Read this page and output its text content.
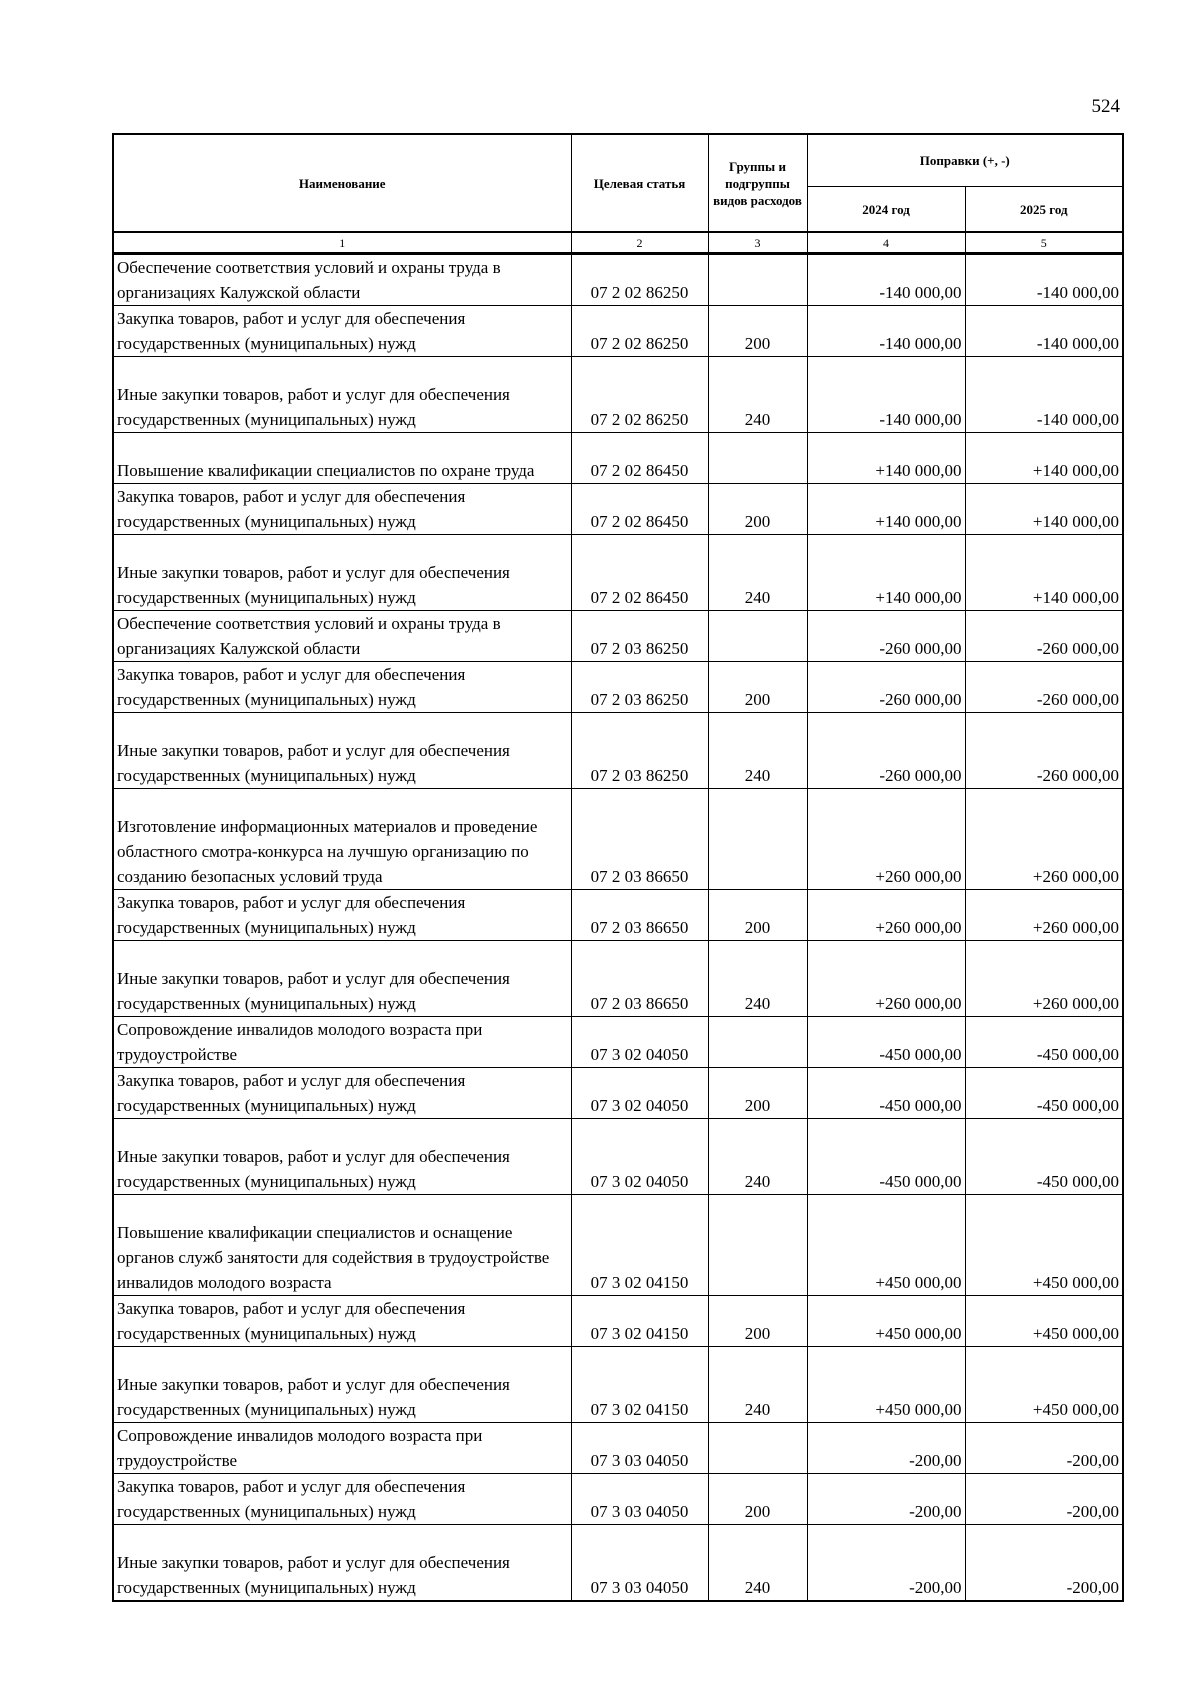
524
Наименование	Целевая статья	Группы и подгруппы видов расходов	Поправки (+, -)	
			2024 год	2025 год
1	2	3	4	5
Обеспечение соответствия условий и охраны труда в организациях Калужской области	07 2 02 86250		-140 000,00	-140 000,00
Закупка товаров, работ и услуг для обеспечения государственных (муниципальных) нужд	07 2 02 86250	200	-140 000,00	-140 000,00
Иные закупки товаров, работ и услуг для обеспечения государственных (муниципальных) нужд	07 2 02 86250	240	-140 000,00	-140 000,00
Повышение квалификации специалистов по охране труда	07 2 02 86450		+140 000,00	+140 000,00
Закупка товаров, работ и услуг для обеспечения государственных (муниципальных) нужд	07 2 02 86450	200	+140 000,00	+140 000,00
Иные закупки товаров, работ и услуг для обеспечения государственных (муниципальных) нужд	07 2 02 86450	240	+140 000,00	+140 000,00
Обеспечение соответствия условий и охраны труда в организациях Калужской области	07 2 03 86250		-260 000,00	-260 000,00
Закупка товаров, работ и услуг для обеспечения государственных (муниципальных) нужд	07 2 03 86250	200	-260 000,00	-260 000,00
Иные закупки товаров, работ и услуг для обеспечения государственных (муниципальных) нужд	07 2 03 86250	240	-260 000,00	-260 000,00
Изготовление информационных материалов и проведение областного смотра-конкурса на лучшую организацию по созданию безопасных условий труда	07 2 03 86650		+260 000,00	+260 000,00
Закупка товаров, работ и услуг для обеспечения государственных (муниципальных) нужд	07 2 03 86650	200	+260 000,00	+260 000,00
Иные закупки товаров, работ и услуг для обеспечения государственных (муниципальных) нужд	07 2 03 86650	240	+260 000,00	+260 000,00
Сопровождение инвалидов молодого возраста при трудоустройстве	07 3 02 04050		-450 000,00	-450 000,00
Закупка товаров, работ и услуг для обеспечения государственных (муниципальных) нужд	07 3 02 04050	200	-450 000,00	-450 000,00
Иные закупки товаров, работ и услуг для обеспечения государственных (муниципальных) нужд	07 3 02 04050	240	-450 000,00	-450 000,00
Повышение квалификации специалистов и оснащение органов служб занятости для содействия в трудоустройстве инвалидов молодого возраста	07 3 02 04150		+450 000,00	+450 000,00
Закупка товаров, работ и услуг для обеспечения государственных (муниципальных) нужд	07 3 02 04150	200	+450 000,00	+450 000,00
Иные закупки товаров, работ и услуг для обеспечения государственных (муниципальных) нужд	07 3 02 04150	240	+450 000,00	+450 000,00
Сопровождение инвалидов молодого возраста при трудоустройстве	07 3 03 04050		-200,00	-200,00
Закупка товаров, работ и услуг для обеспечения государственных (муниципальных) нужд	07 3 03 04050	200	-200,00	-200,00
Иные закупки товаров, работ и услуг для обеспечения государственных (муниципальных) нужд	07 3 03 04050	240	-200,00	-200,00
